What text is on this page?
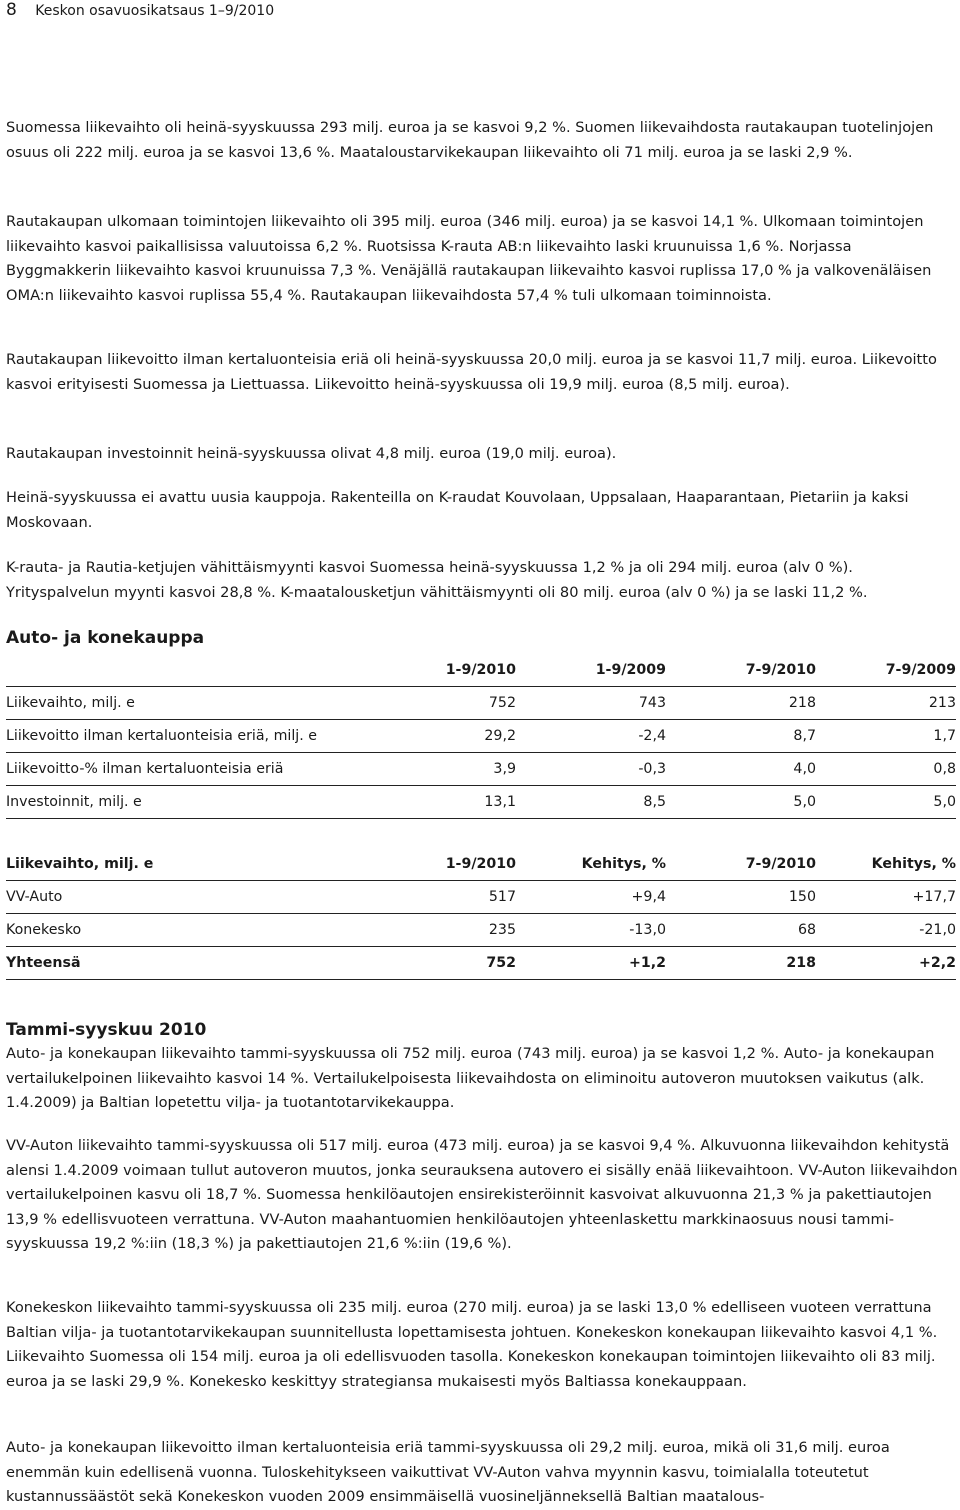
8 Keskon osavuosikatsaus 1–9/2010

Suomessa liikevaihto oli heinä-syyskuussa 293 milj. euroa ja se kasvoi 9,2 %. Suomen liikevaihdosta rautakaupan tuotelinjojen osuus oli 222 milj. euroa ja se kasvoi 13,6 %. Maataloustarvikekaupan liikevaihto oli 71 milj. euroa ja se laski 2,9 %.

Rautakaupan ulkomaan toimintojen liikevaihto oli 395 milj. euroa (346 milj. euroa) ja se kasvoi 14,1 %. Ulkomaan toimintojen liikevaihto kasvoi paikallisissa valuutoissa 6,2 %. Ruotsissa K-rauta AB:n liikevaihto laski kruunuissa 1,6 %. Norjassa Byggmakkerin liikevaihto kasvoi kruunuissa 7,3 %. Venäjällä rautakaupan liikevaihto kasvoi ruplissa 17,0 % ja valkovenäläisen OMA:n liikevaihto kasvoi ruplissa 55,4 %. Rautakaupan liikevaihdosta 57,4 % tuli ulkomaan toiminnoista.

Rautakaupan liikevoitto ilman kertaluonteisia eriä oli heinä-syyskuussa 20,0 milj. euroa ja se kasvoi 11,7 milj. euroa. Liikevoitto kasvoi erityisesti Suomessa ja Liettuassa. Liikevoitto heinä-syyskuussa oli 19,9 milj. euroa (8,5 milj. euroa).

Rautakaupan investoinnit heinä-syyskuussa olivat 4,8 milj. euroa (19,0 milj. euroa).

Heinä-syyskuussa ei avattu uusia kauppoja. Rakenteilla on K-raudat Kouvolaan, Uppsalaan, Haaparantaan, Pietariin ja kaksi Moskovaan.

K-rauta- ja Rautia-ketjujen vähittäismyynti kasvoi Suomessa heinä-syyskuussa 1,2 % ja oli 294 milj. euroa (alv 0 %). Yrityspalvelun myynti kasvoi 28,8 %. K-maatalousketjun vähittäismyynti oli 80 milj. euroa (alv 0 %) ja se laski 11,2 %.

Auto- ja konekauppa
	1-9/2010	1-9/2009	7-9/2010	7-9/2009
Liikevaihto, milj. e	752	743	218	213
Liikevoitto ilman kertaluonteisia eriä, milj. e	29,2	-2,4	8,7	1,7
Liikevoitto-% ilman kertaluonteisia eriä	3,9	-0,3	4,0	0,8
Investoinnit, milj. e	13,1	8,5	5,0	5,0
Liikevaihto, milj. e	1-9/2010	Kehitys, %	7-9/2010	Kehitys, %
VV-Auto	517	+9,4	150	+17,7
Konekesko	235	-13,0	68	-21,0
Yhteensä	752	+1,2	218	+2,2
Tammi-syyskuu 2010

Auto- ja konekaupan liikevaihto tammi-syyskuussa oli 752 milj. euroa (743 milj. euroa) ja se kasvoi 1,2 %. Auto- ja konekaupan vertailukelpoinen liikevaihto kasvoi 14 %. Vertailukelpoisesta liikevaihdosta on eliminoitu autoveron muutoksen vaikutus (alk. 1.4.2009) ja Baltian lopetettu vilja- ja tuotantotarvikekauppa.

VV-Auton liikevaihto tammi-syyskuussa oli 517 milj. euroa (473 milj. euroa) ja se kasvoi 9,4 %. Alkuvuonna liikevaihdon kehitystä alensi 1.4.2009 voimaan tullut autoveron muutos, jonka seurauksena autovero ei sisälly enää liikevaihtoon. VV-Auton liikevaihdon vertailukelpoinen kasvu oli 18,7 %. Suomessa henkilöautojen ensirekisteröinnit kasvoivat alkuvuonna 21,3 % ja pakettiautojen 13,9 % edellisvuoteen verrattuna. VV-Auton maahantuomien henkilöautojen yhteenlaskettu markkinaosuus nousi tammi-syyskuussa 19,2 %:iin (18,3 %) ja pakettiautojen 21,6 %:iin (19,6 %).

Konekeskon liikevaihto tammi-syyskuussa oli 235 milj. euroa (270 milj. euroa) ja se laski 13,0 % edelliseen vuoteen verrattuna Baltian vilja- ja tuotantotarvikekaupan suunnitellusta lopettamisesta johtuen. Konekeskon konekaupan liikevaihto kasvoi 4,1 %. Liikevaihto Suomessa oli 154 milj. euroa ja oli edellisvuoden tasolla. Konekeskon konekaupan toimintojen liikevaihto oli 83 milj. euroa ja se laski 29,9 %. Konekesko keskittyy strategiansa mukaisesti myös Baltiassa konekauppaan.

Auto- ja konekaupan liikevoitto ilman kertaluonteisia eriä tammi-syyskuussa oli 29,2 milj. euroa, mikä oli 31,6 milj. euroa enemmän kuin edellisenä vuonna. Tuloskehitykseen vaikuttivat VV-Auton vahva myynnin kasvu, toimialalla toteutetut kustannussäästöt sekä Konekeskon vuoden 2009 ensimmäisellä vuosineljänneksellä Baltian maatalous-
